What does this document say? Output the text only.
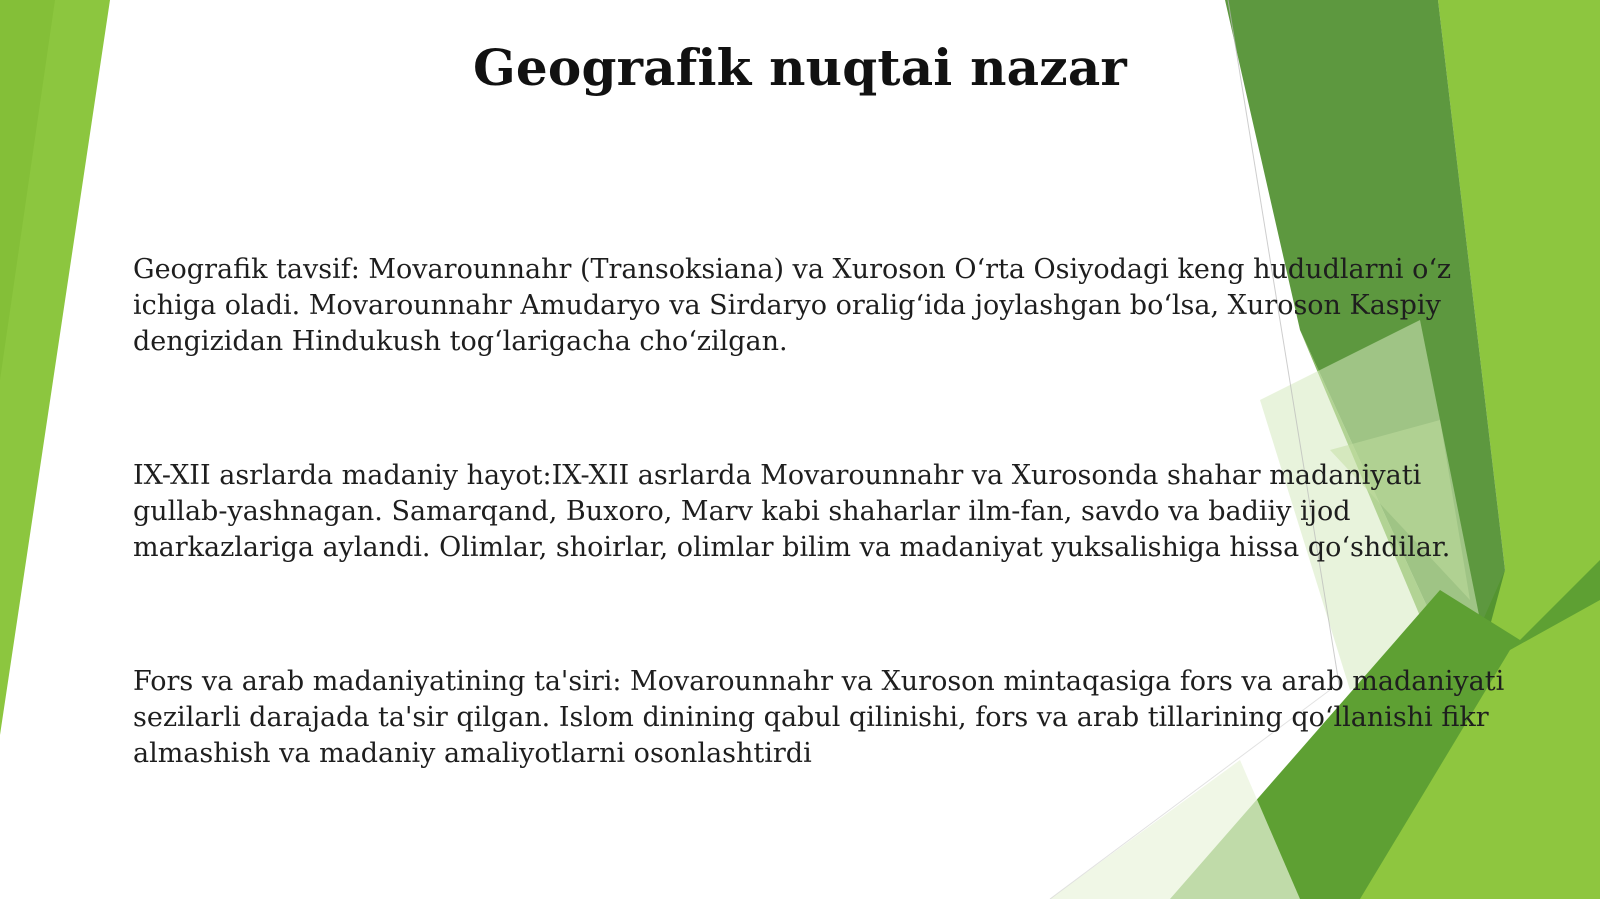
Geografik nuqtai nazar

Geografik tavsif: Movarounnahr (Transoksiana) va Xuroson O‘rta Osiyodagi keng hududlarni o‘z ichiga oladi. Movarounnahr Amudaryo va Sirdaryo oralig‘ida joylashgan bo‘lsa, Xuroson Kaspiy dengizidan Hindukush tog‘larigacha cho‘zilgan.

IX-XII asrlarda madaniy hayot:IX-XII asrlarda Movarounnahr va Xurosonda shahar madaniyati gullab-yashnagan. Samarqand, Buxoro, Marv kabi shaharlar ilm-fan, savdo va badiiy ijod markazlariga aylandi. Olimlar, shoirlar, olimlar bilim va madaniyat yuksalishiga hissa qo‘shdilar.

Fors va arab madaniyatining ta'siri: Movarounnahr va Xuroson mintaqasiga fors va arab madaniyati sezilarli darajada ta'sir qilgan. Islom dinining qabul qilinishi, fors va arab tillarining qo‘llanishi fikr almashish va madaniy amaliyotlarni osonlashtirdi
